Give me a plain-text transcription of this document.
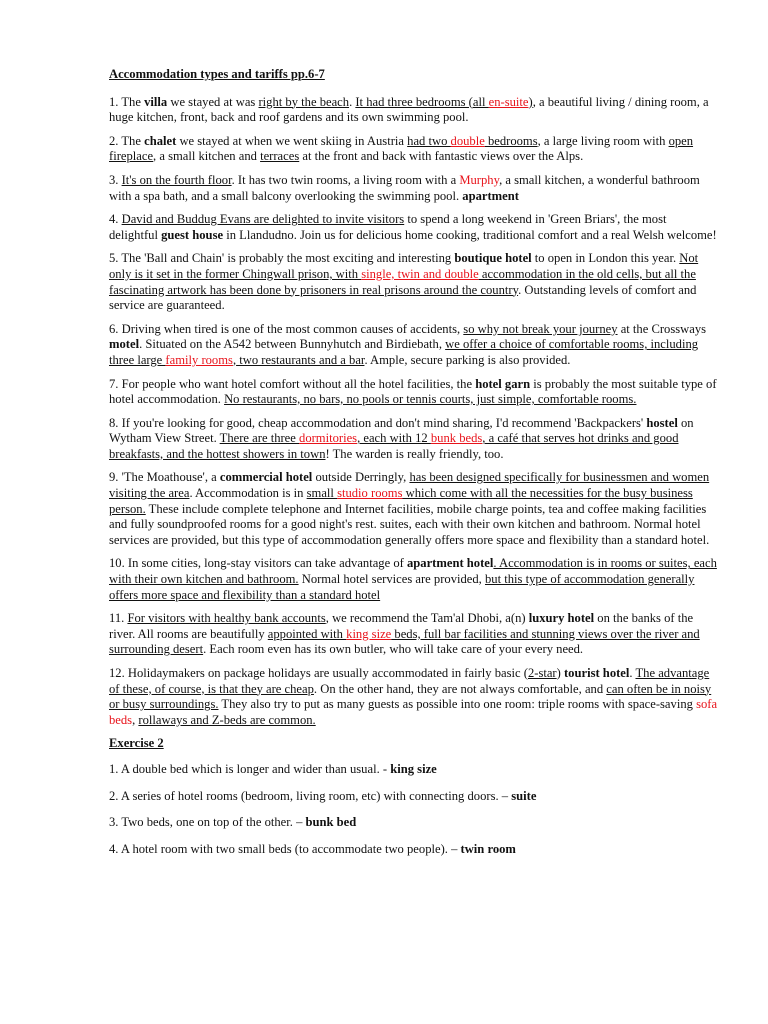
Accommodation types and tariffs pp.6-7

1. The villa we stayed at was right by the beach. It had three bedrooms (all en-suite), a beautiful living / dining room, a huge kitchen, front, back and roof gardens and its own swimming pool.

2. The chalet we stayed at when we went skiing in Austria had two double bedrooms, a large living room with open fireplace, a small kitchen and terraces at the front and back with fantastic views over the Alps.

3. It's on the fourth floor. It has two twin rooms, a living room with a Murphy, a small kitchen, a wonderful bathroom with a spa bath, and a small balcony overlooking the swimming pool. apartment

4. David and Buddug Evans are delighted to invite visitors to spend a long weekend in 'Green Briars', the most delightful guest house in Llandudno. Join us for delicious home cooking, traditional comfort and a real Welsh welcome!

5. The 'Ball and Chain' is probably the most exciting and interesting boutique hotel to open in London this year. Not only is it set in the former Chingwall prison, with single, twin and double accommodation in the old cells, but all the fascinating artwork has been done by prisoners in real prisons around the country. Outstanding levels of comfort and service are guaranteed.

6. Driving when tired is one of the most common causes of accidents, so why not break your journey at the Crossways motel. Situated on the A542 between Bunnyhutch and Birdiebath, we offer a choice of comfortable rooms, including three large family rooms, two restaurants and a bar. Ample, secure parking is also provided.

7. For people who want hotel comfort without all the hotel facilities, the hotel garn is probably the most suitable type of hotel accommodation. No restaurants, no bars, no pools or tennis courts, just simple, comfortable rooms.

8. If you're looking for good, cheap accommodation and don't mind sharing, I'd recommend 'Backpackers' hostel on Wytham View Street. There are three dormitories, each with 12 bunk beds, a café that serves hot drinks and good breakfasts, and the hottest showers in town! The warden is really friendly, too.

9. 'The Moathouse', a commercial hotel outside Derringly, has been designed specifically for businessmen and women visiting the area. Accommodation is in small studio rooms which come with all the necessities for the busy business person. These include complete telephone and Internet facilities, mobile charge points, tea and coffee making facilities and fully soundproofed rooms for a good night's rest. suites, each with their own kitchen and bathroom. Normal hotel services are provided, but this type of accommodation generally offers more space and flexibility than a standard hotel.

10. In some cities, long-stay visitors can take advantage of apartment hotel. Accommodation is in rooms or suites, each with their own kitchen and bathroom. Normal hotel services are provided, but this type of accommodation generally offers more space and flexibility than a standard hotel

11. For visitors with healthy bank accounts, we recommend the Tam'al Dhobi, a(n) luxury hotel on the banks of the river. All rooms are beautifully appointed with king size beds, full bar facilities and stunning views over the river and surrounding desert. Each room even has its own butler, who will take care of your every need.

12. Holidaymakers on package holidays are usually accommodated in fairly basic (2-star) tourist hotel. The advantage of these, of course, is that they are cheap. On the other hand, they are not always comfortable, and can often be in noisy or busy surroundings. They also try to put as many guests as possible into one room: triple rooms with space-saving sofa beds, rollaways and Z-beds are common.

Exercise 2

1. A double bed which is longer and wider than usual. - king size

2. A series of hotel rooms (bedroom, living room, etc) with connecting doors. – suite

3. Two beds, one on top of the other. – bunk bed

4. A hotel room with two small beds (to accommodate two people). – twin room
